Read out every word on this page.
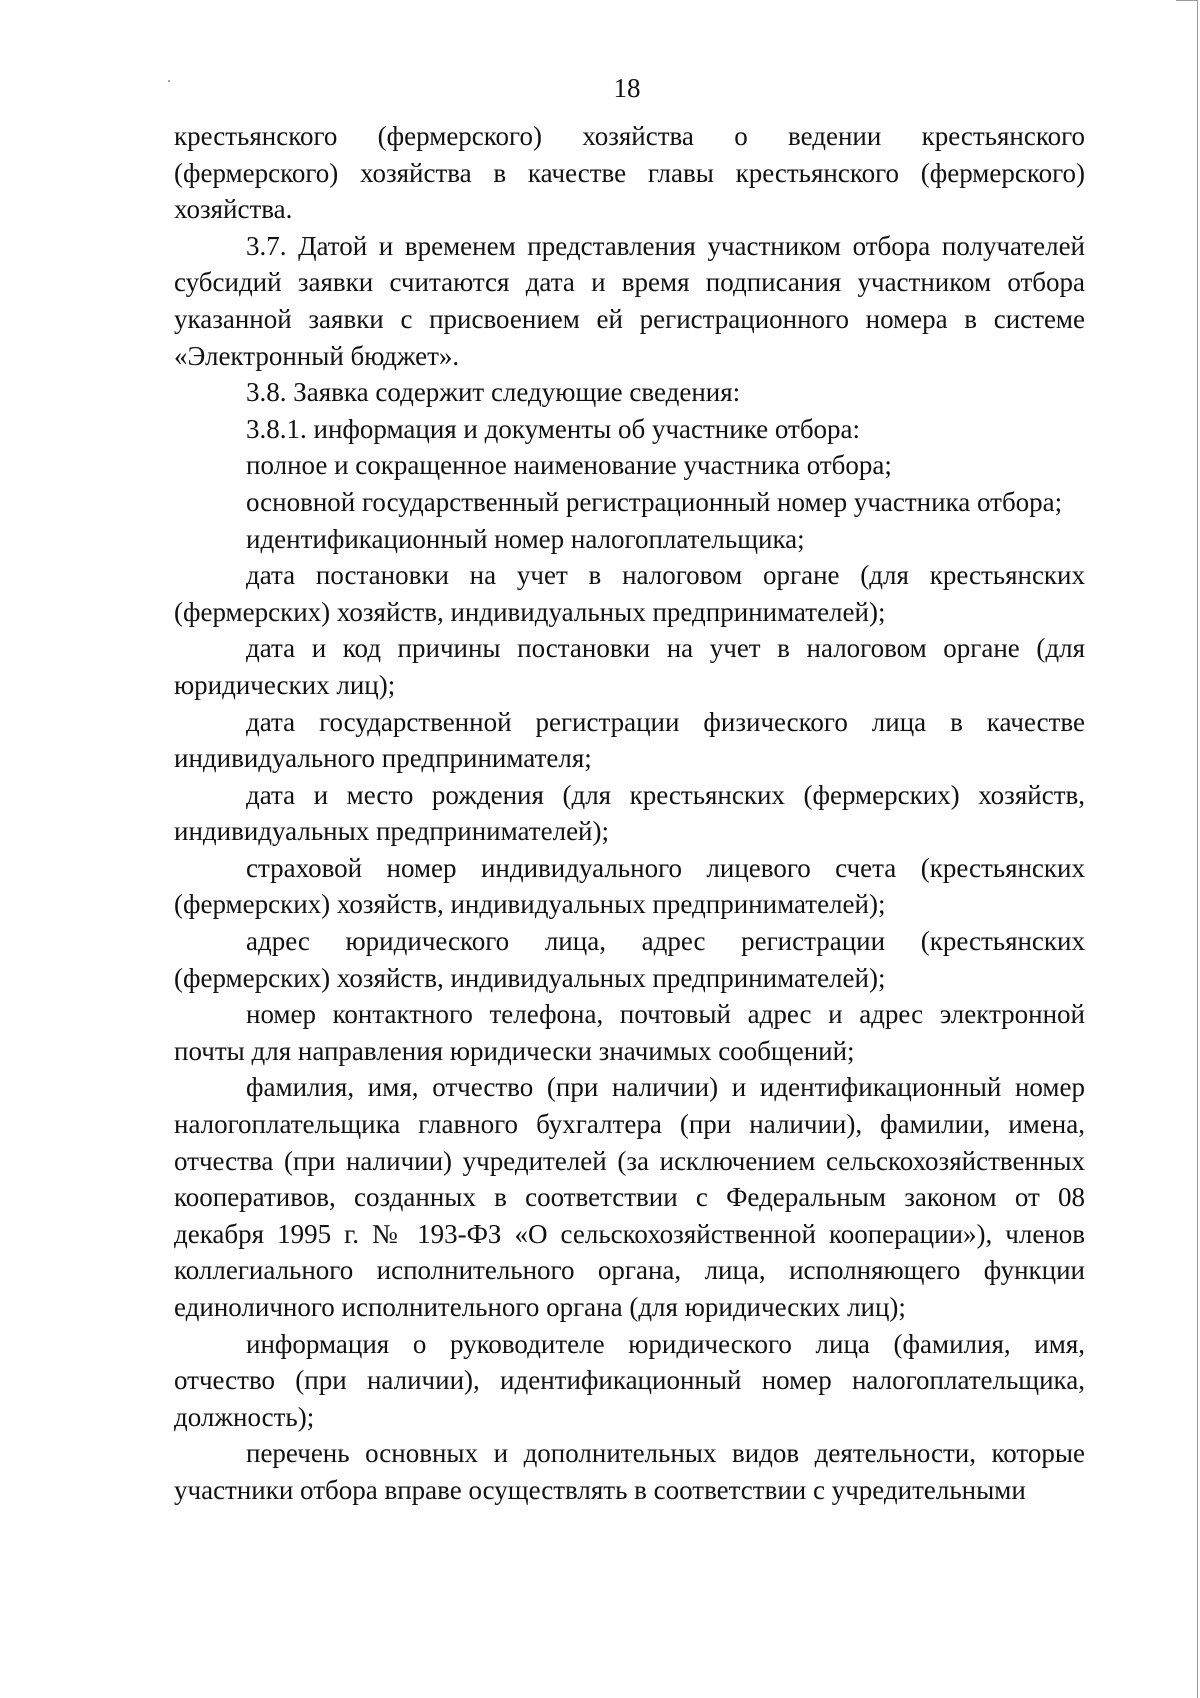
18

крестьянского (фермерского) хозяйства о ведении крестьянского (фермерского) хозяйства в качестве главы крестьянского (фермерского) хозяйства.

3.7. Датой и временем представления участником отбора получателей субсидий заявки считаются дата и время подписания участником отбора указанной заявки с присвоением ей регистрационного номера в системе «Электронный бюджет».

3.8. Заявка содержит следующие сведения:

3.8.1. информация и документы об участнике отбора:

полное и сокращенное наименование участника отбора;

основной государственный регистрационный номер участника отбора;

идентификационный номер налогоплательщика;

дата постановки на учет в налоговом органе (для крестьянских (фермерских) хозяйств, индивидуальных предпринимателей);

дата и код причины постановки на учет в налоговом органе (для юридических лиц);

дата государственной регистрации физического лица в качестве индивидуального предпринимателя;

дата и место рождения (для крестьянских (фермерских) хозяйств, индивидуальных предпринимателей);

страховой номер индивидуального лицевого счета (крестьянских (фермерских) хозяйств, индивидуальных предпринимателей);

адрес юридического лица, адрес регистрации (крестьянских (фермерских) хозяйств, индивидуальных предпринимателей);

номер контактного телефона, почтовый адрес и адрес электронной почты для направления юридически значимых сообщений;

фамилия, имя, отчество (при наличии) и идентификационный номер налогоплательщика главного бухгалтера (при наличии), фамилии, имена, отчества (при наличии) учредителей (за исключением сельскохозяйственных кооперативов, созданных в соответствии с Федеральным законом от 08 декабря 1995 г. № 193-ФЗ «О сельскохозяйственной кооперации»), членов коллегиального исполнительного органа, лица, исполняющего функции единоличного исполнительного органа (для юридических лиц);

информация о руководителе юридического лица (фамилия, имя, отчество (при наличии), идентификационный номер налогоплательщика, должность);

перечень основных и дополнительных видов деятельности, которые участники отбора вправе осуществлять в соответствии с учредительными
